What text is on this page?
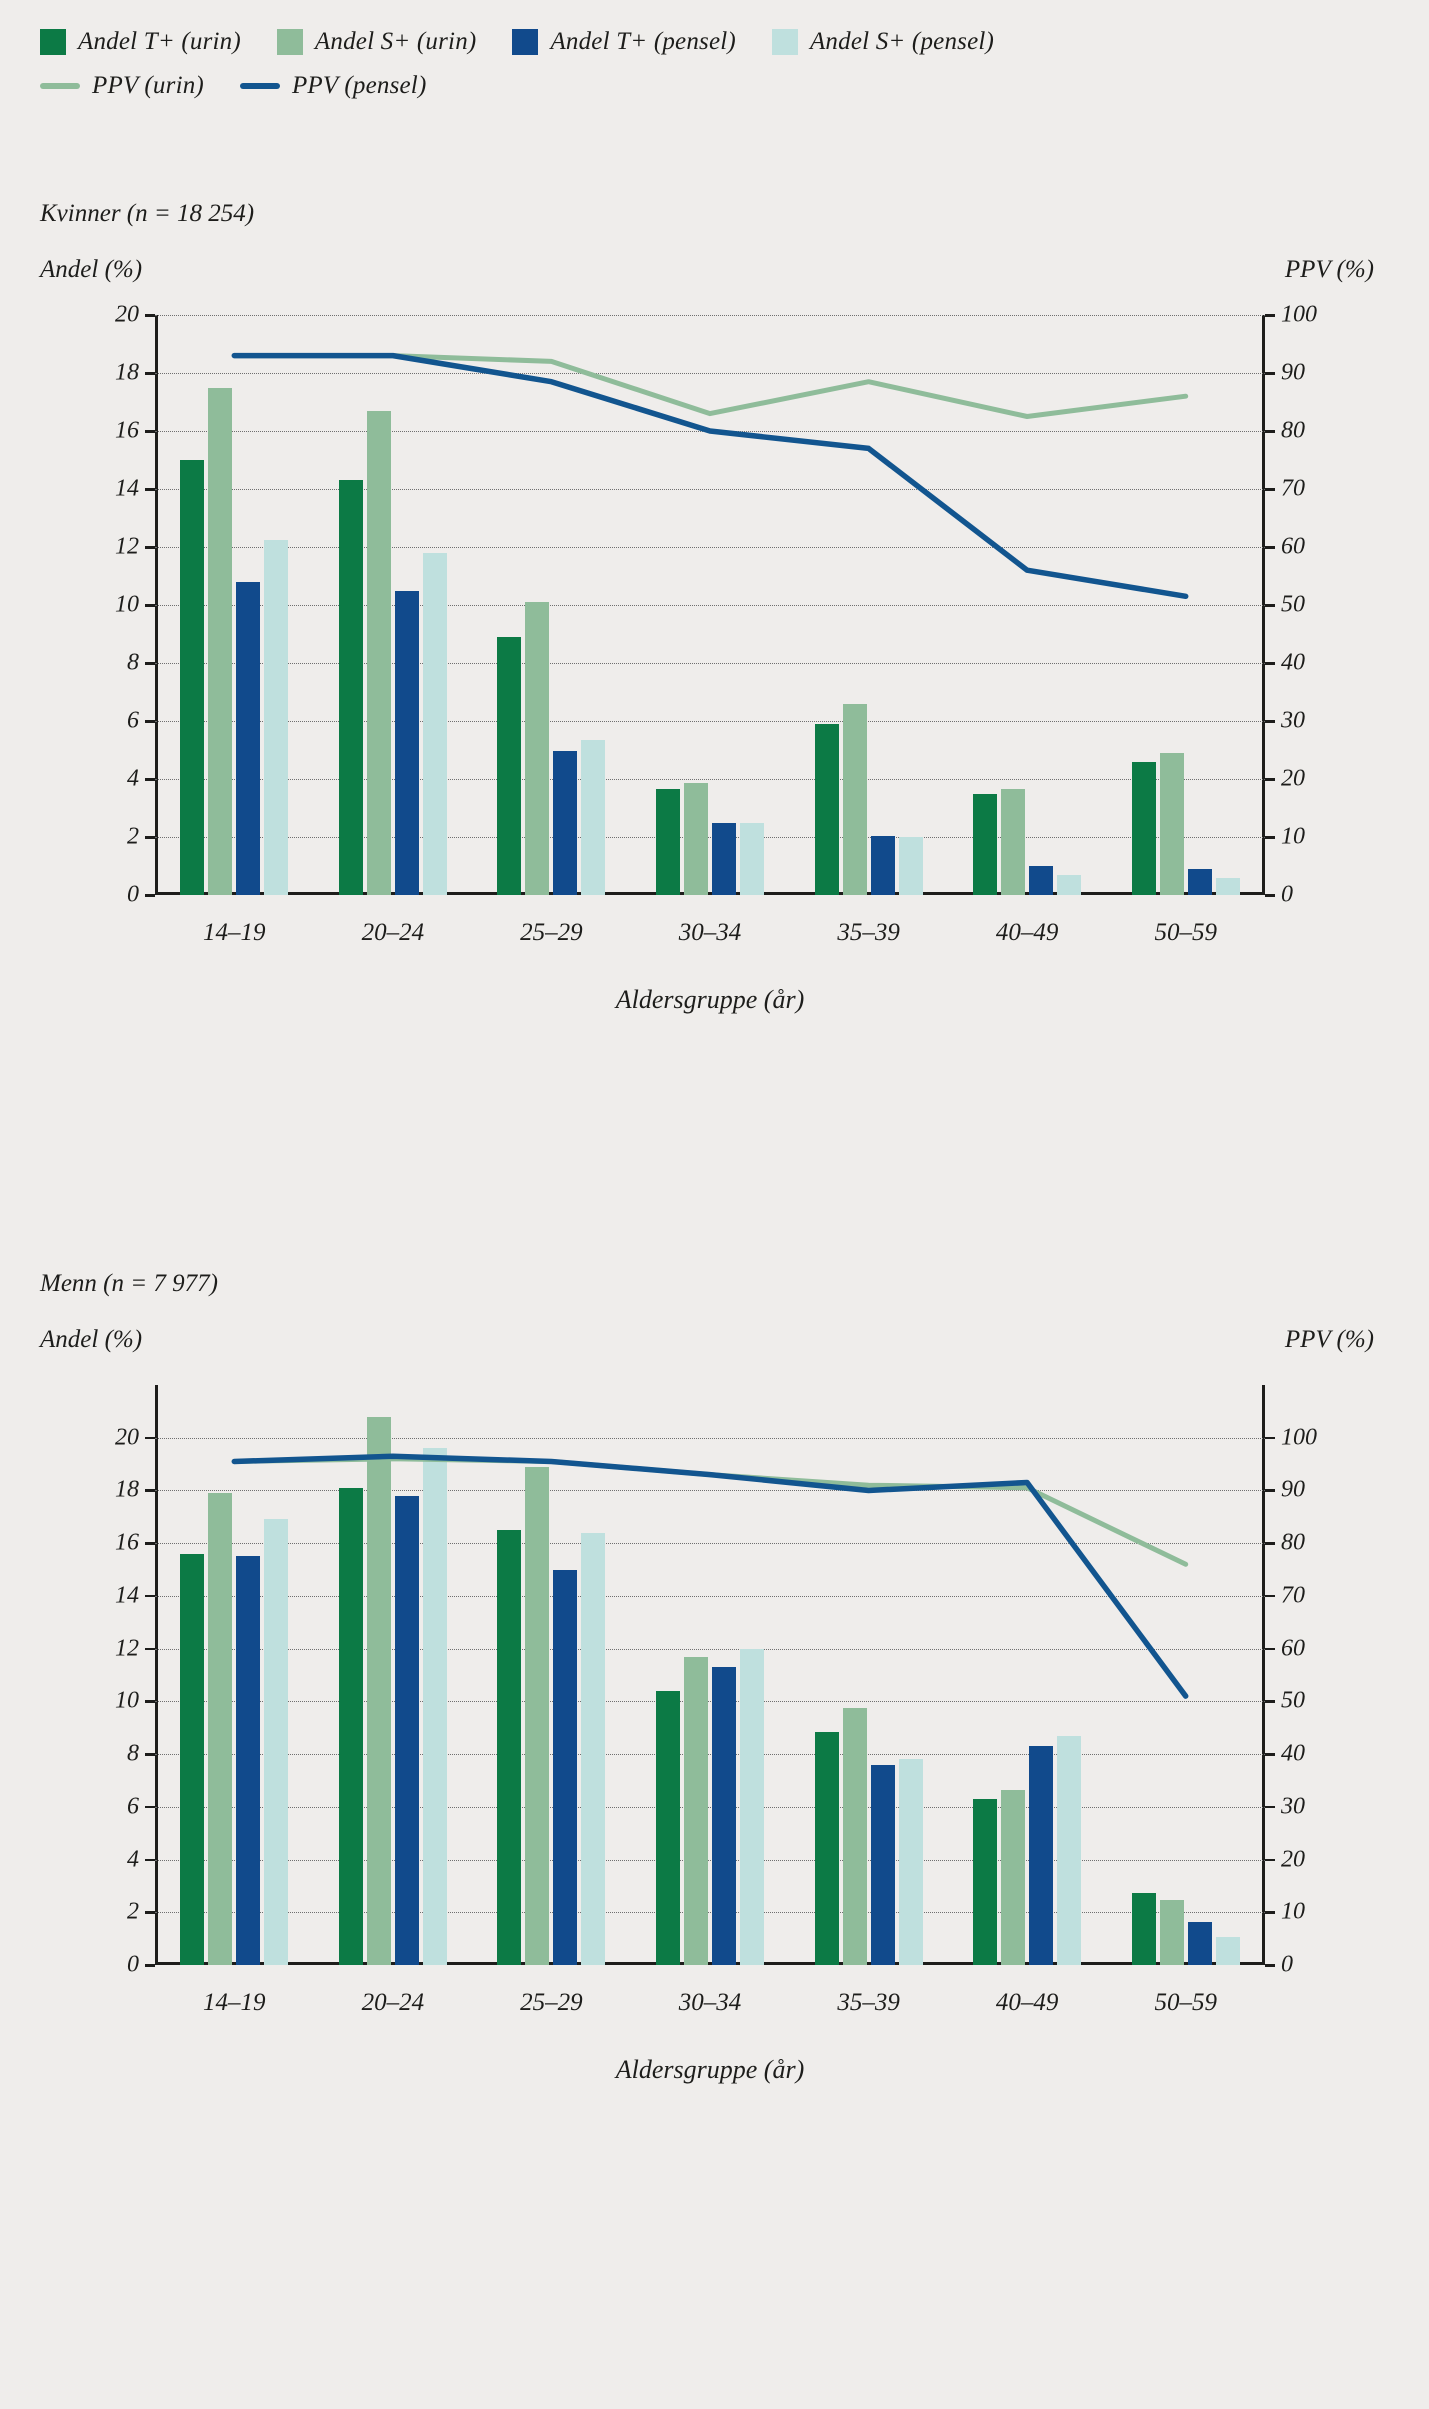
Andel T+ (urin)	Andel S+ (urin)	Andel T+ (pensel)	Andel S+ (pensel)
PPV (urin)	PPV (pensel)
Kvinner (n = 18 254)
Andel (%)	PPV (%)
0
2
4
6
8
10
12
14
16
18
20
0
10
20
30
40
50
60
70
80
90
100
Aldersgruppe (år)
14–19	20–24	25–29	30–34	35–39	40–49	50–59
Menn (n = 7 977)
Andel (%)	PPV (%)
0
2
4
6
8
10
12
14
16
18
20
0
10
20
30
40
50
60
70
80
90
100
Aldersgruppe (år)
14–19	20–24	25–29	30–34	35–39	40–49	50–59
